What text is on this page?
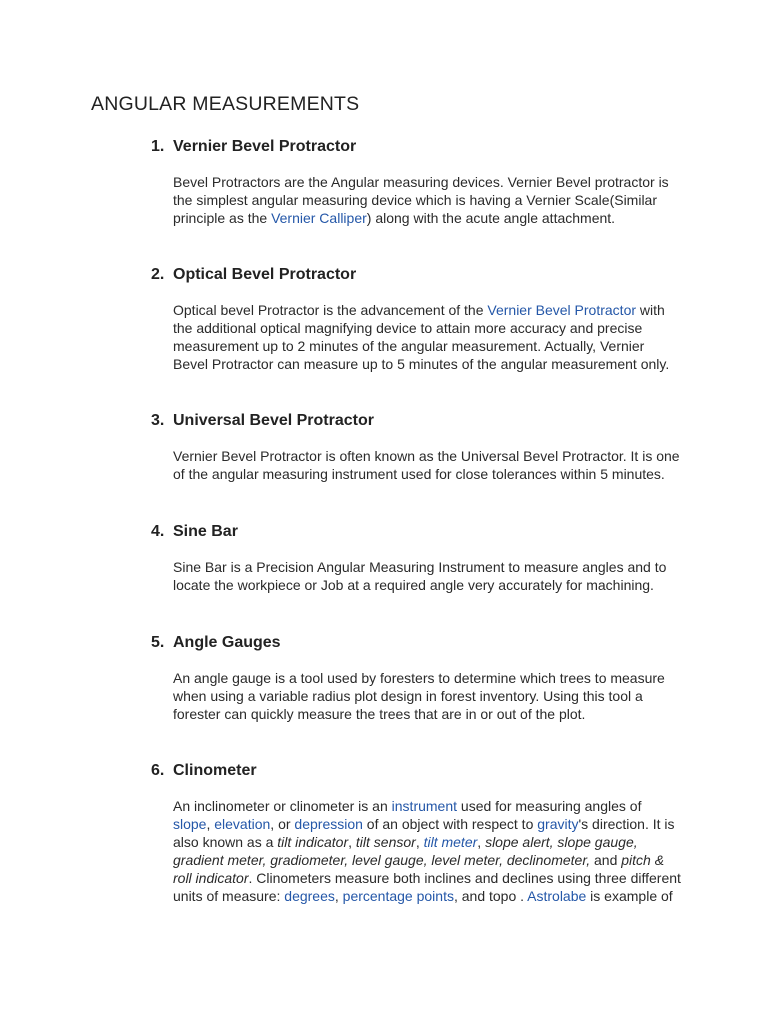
ANGULAR MEASUREMENTS
1. Vernier Bevel Protractor

Bevel Protractors are the Angular measuring devices. Vernier Bevel protractor is the simplest angular measuring device which is having a Vernier Scale(Similar principle as the Vernier Calliper) along with the acute angle attachment.

2. Optical Bevel Protractor

Optical bevel Protractor is the advancement of the Vernier Bevel Protractor with the additional optical magnifying device to attain more accuracy and precise measurement up to 2 minutes of the angular measurement. Actually, Vernier Bevel Protractor can measure up to 5 minutes of the angular measurement only.

3. Universal Bevel Protractor

Vernier Bevel Protractor is often known as the Universal Bevel Protractor. It is one of the angular measuring instrument used for close tolerances within 5 minutes.

4. Sine Bar

Sine Bar is a Precision Angular Measuring Instrument to measure angles and to locate the workpiece or Job at a required angle very accurately for machining.

5. Angle Gauges

An angle gauge is a tool used by foresters to determine which trees to measure when using a variable radius plot design in forest inventory. Using this tool a forester can quickly measure the trees that are in or out of the plot.

6. Clinometer

An inclinometer or clinometer is an instrument used for measuring angles of slope, elevation, or depression of an object with respect to gravity's direction. It is also known as a tilt indicator, tilt sensor, tilt meter, slope alert, slope gauge, gradient meter, gradiometer, level gauge, level meter, declinometer, and pitch & roll indicator. Clinometers measure both inclines and declines using three different units of measure: degrees, percentage points, and topo . Astrolabe is example of
